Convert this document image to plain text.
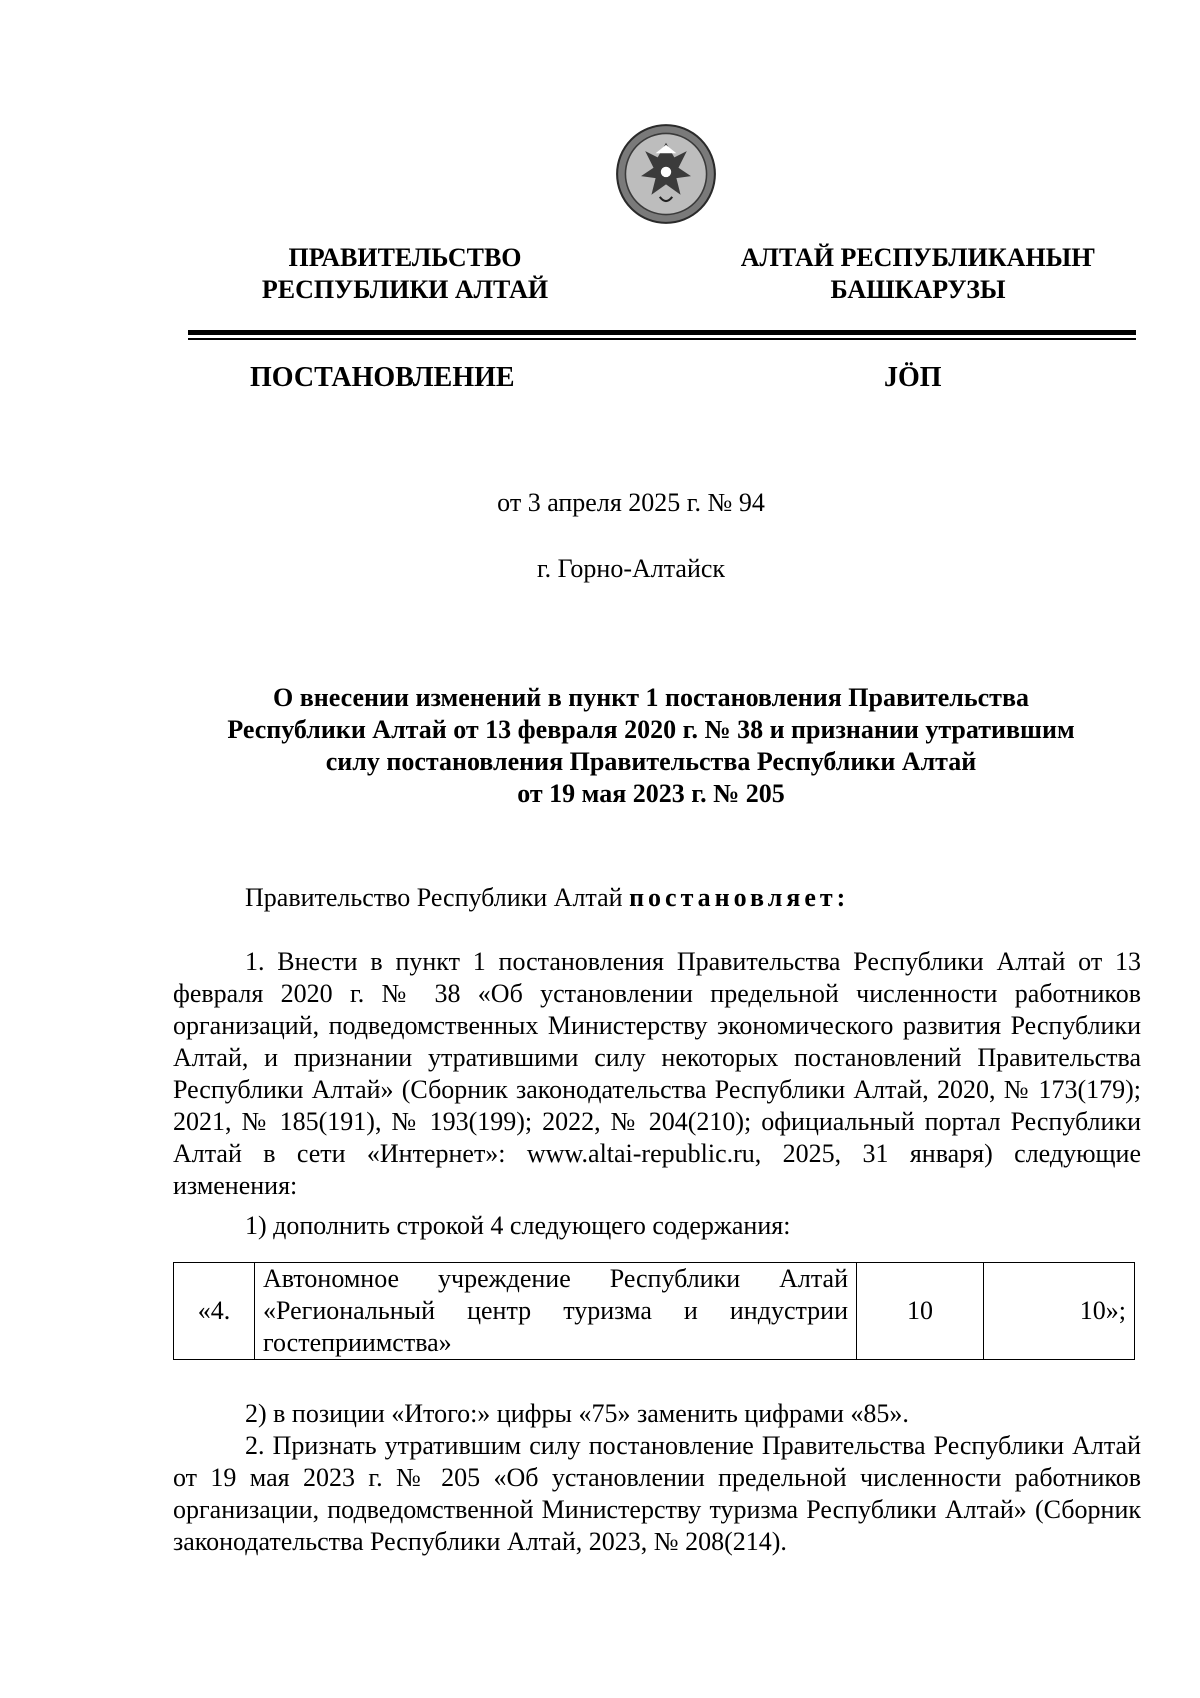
ПРАВИТЕЛЬСТВО
РЕСПУБЛИКИ АЛТАЙ
АЛТАЙ РЕСПУБЛИКАНЫҤ
БАШКАРУЗЫ
ПОСТАНОВЛЕНИЕ	JӦП
от 3 апреля 2025 г. № 94
г. Горно-Алтайск
О внесении изменений в пункт 1 постановления Правительства
Республики Алтай от 13 февраля 2020 г. № 38 и признании утратившим
силу постановления Правительства Республики Алтай
от 19 мая 2023 г. № 205
Правительство Республики Алтай постановляет:
1. Внести в пункт 1 постановления Правительства Республики Алтай от 13 февраля 2020 г. № 38 «Об установлении предельной численности работников организаций, подведомственных Министерству экономического развития Республики Алтай, и признании утратившими силу некоторых постановлений Правительства Республики Алтай» (Сборник законодательства Республики Алтай, 2020, № 173(179); 2021, № 185(191), № 193(199); 2022, № 204(210); официальный портал Республики Алтай в сети «Интернет»: www.altai-republic.ru, 2025, 31 января) следующие изменения:
1) дополнить строкой 4 следующего содержания:
«4.	Автономное учреждение Республики Алтай «Региональный центр туризма и индустрии гостеприимства»	10	10»;
2) в позиции «Итого:» цифры «75» заменить цифрами «85».
2. Признать утратившим силу постановление Правительства Республики Алтай от 19 мая 2023 г. № 205 «Об установлении предельной численности работников организации, подведомственной Министерству туризма Республики Алтай» (Сборник законодательства Республики Алтай, 2023, № 208(214).
